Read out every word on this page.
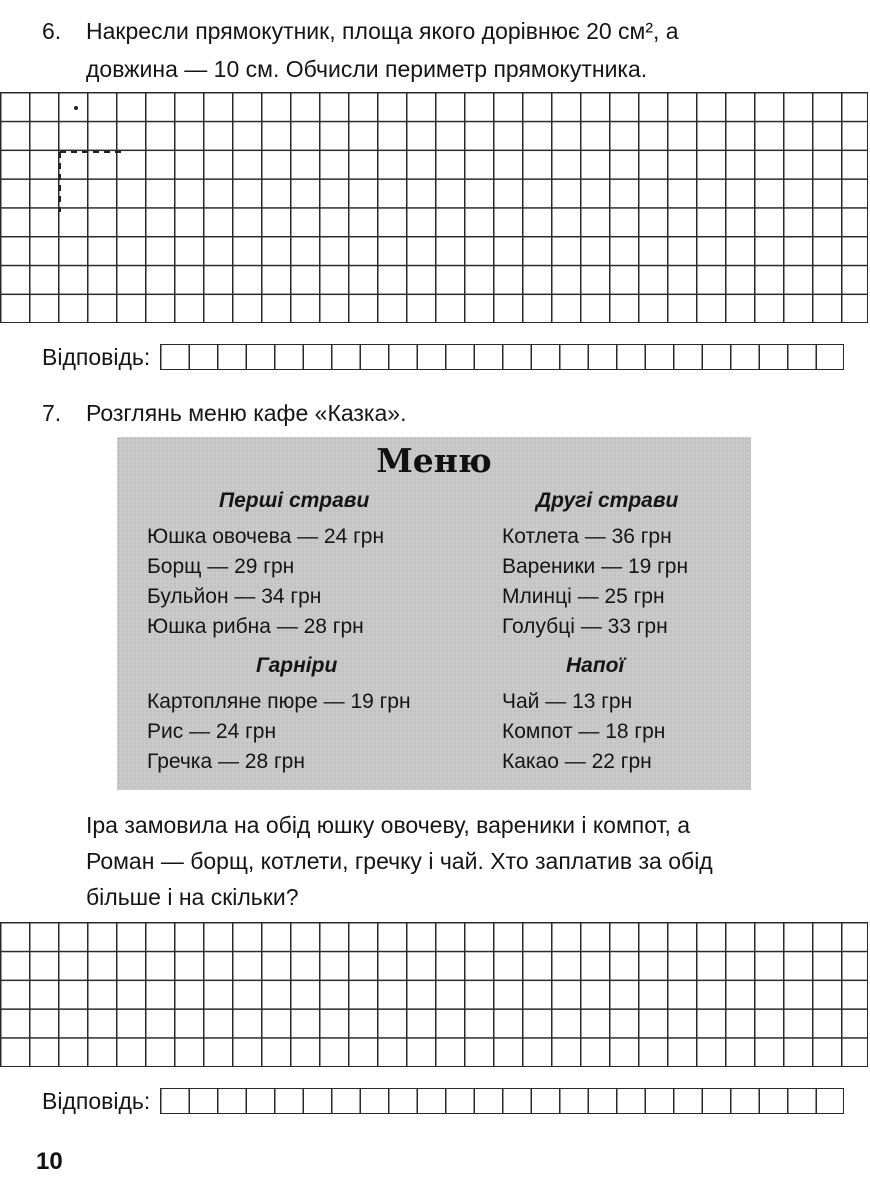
6. Накресли прямокутник, площа якого дорівнює 20 см², а
довжина — 10 см. Обчисли периметр прямокутника.
Відповідь:
7. Розглянь меню кафе «Казка».
Меню
Перші страви
Юшка овочева — 24 грн
Борщ — 29 грн
Бульйон — 34 грн
Юшка рибна — 28 грн
Другі страви
Котлета — 36 грн
Вареники — 19 грн
Млинці — 25 грн
Голубці — 33 грн
Гарніри
Картопляне пюре — 19 грн
Рис — 24 грн
Гречка — 28 грн
Напої
Чай — 13 грн
Компот — 18 грн
Какао — 22 грн
Іра замовила на обід юшку овочеву, вареники і компот, а
Роман — борщ, котлети, гречку і чай. Хто заплатив за обід
більше і на скільки?
Відповідь:
10
